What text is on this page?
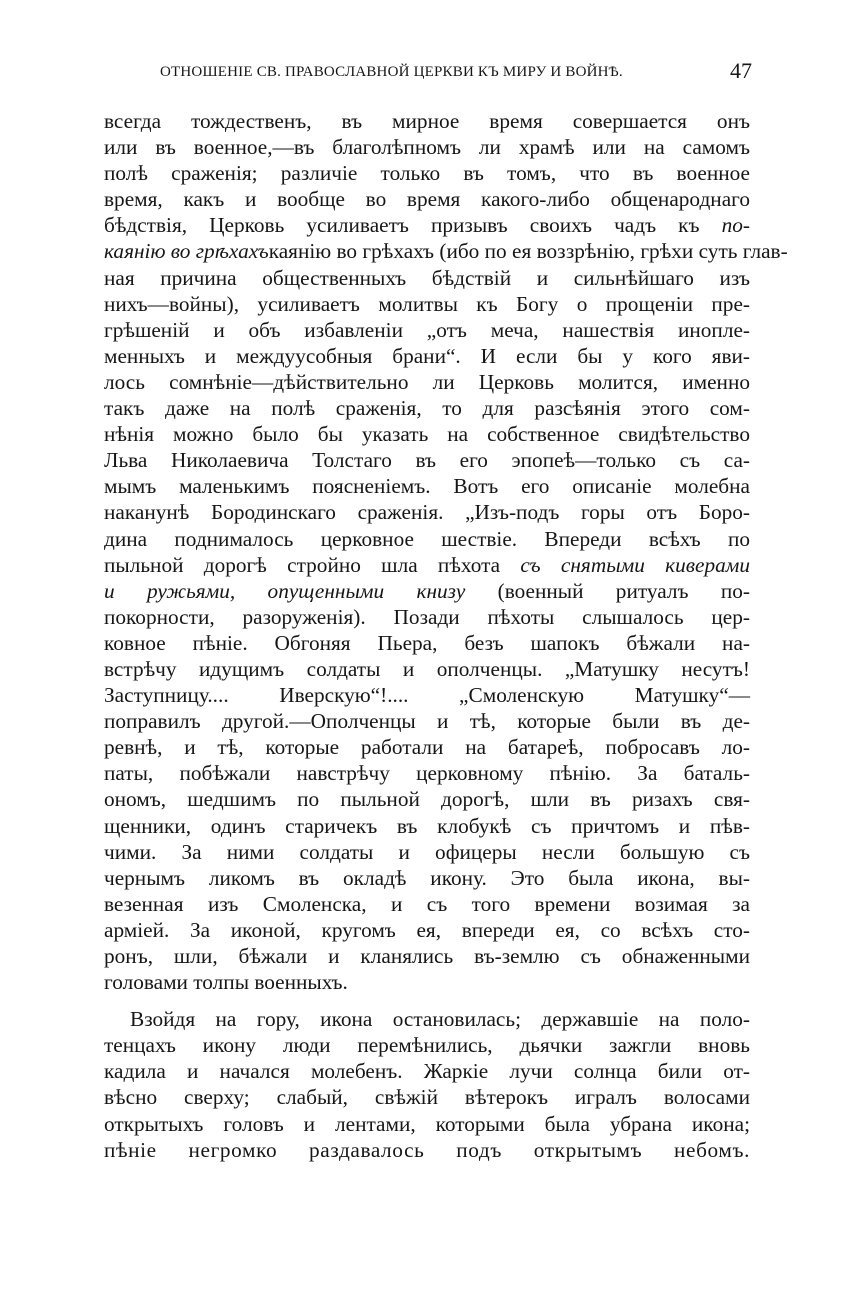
ОТНОШЕНІЕ СВ. ПРАВОСЛАВНОЙ ЦЕРКВИ КЪ МИРУ И ВОЙНѢ.	47
всегда тождественъ, въ мирное время совершается онъ
или въ военное,—въ благолѣпномъ ли храмѣ или на самомъ
полѣ сраженія; различіе только въ томъ, что въ военное
время, какъ и вообще во время какого-либо общенароднаго
бѣдствія, Церковь усиливаетъ призывъ своихъ чадъ къ по-
каянію во грѣхахъкаянію во грѣхахъ (ибо по ея воззрѣнію, грѣхи суть глав-
ная причина общественныхъ бѣдствій и сильнѣйшаго изъ
нихъ—войны), усиливаетъ молитвы къ Богу о прощеніи пре-
грѣшеній и объ избавленіи „отъ меча, нашествія инопле-
менныхъ и междуусобныя брани“. И если бы у кого яви-
лось сомнѣніе—дѣйствительно ли Церковь молится, именно
такъ даже на полѣ сраженія, то для разсѣянія этого сом-
нѣнія можно было бы указать на собственное свидѣтельство
Льва Николаевича Толстаго въ его эпопеѣ—только съ са-
мымъ маленькимъ поясненіемъ. Вотъ его описаніе молебна
наканунѣ Бородинскаго сраженія. „Изъ-подъ горы отъ Боро-
дина поднималось церковное шествіе. Впереди всѣхъ по
пыльной дорогѣ стройно шла пѣхота съ снятыми киверами
и ружьями, опущенными книзу (военный ритуалъ по-
покорности, разоруженія). Позади пѣхоты слышалось цер-
ковное пѣніе. Обгоняя Пьера, безъ шапокъ бѣжали на-
встрѣчу идущимъ солдаты и ополченцы. „Матушку несутъ!
Заступницу.... Иверскую“!.... „Смоленскую Матушку“—
поправилъ другой.—Ополченцы и тѣ, которые были въ де-
ревнѣ, и тѣ, которые работали на батареѣ, побросавъ ло-
паты, побѣжали навстрѣчу церковному пѣнію. За баталь-
ономъ, шедшимъ по пыльной дорогѣ, шли въ ризахъ свя-
щенники, одинъ старичекъ въ клобукѣ съ причтомъ и пѣв-
чими. За ними солдаты и офицеры несли большую съ
чернымъ ликомъ въ окладѣ икону. Это была икона, вы-
везенная изъ Смоленска, и съ того времени возимая за
арміей. За иконой, кругомъ ея, впереди ея, со всѣхъ сто-
ронъ, шли, бѣжали и кланялись въ-землю съ обнаженными
головами толпы военныхъ.
Взойдя на гору, икона остановилась; державшіе на поло-
тенцахъ икону люди перемѣнились, дьячки зажгли вновь
кадила и начался молебенъ. Жаркіе лучи солнца били от-
вѣсно сверху; слабый, свѣжій вѣтерокъ игралъ волосами
открытыхъ головъ и лентами, которыми была убрана икона;
пѣніе негромко раздавалось подъ открытымъ небомъ.
